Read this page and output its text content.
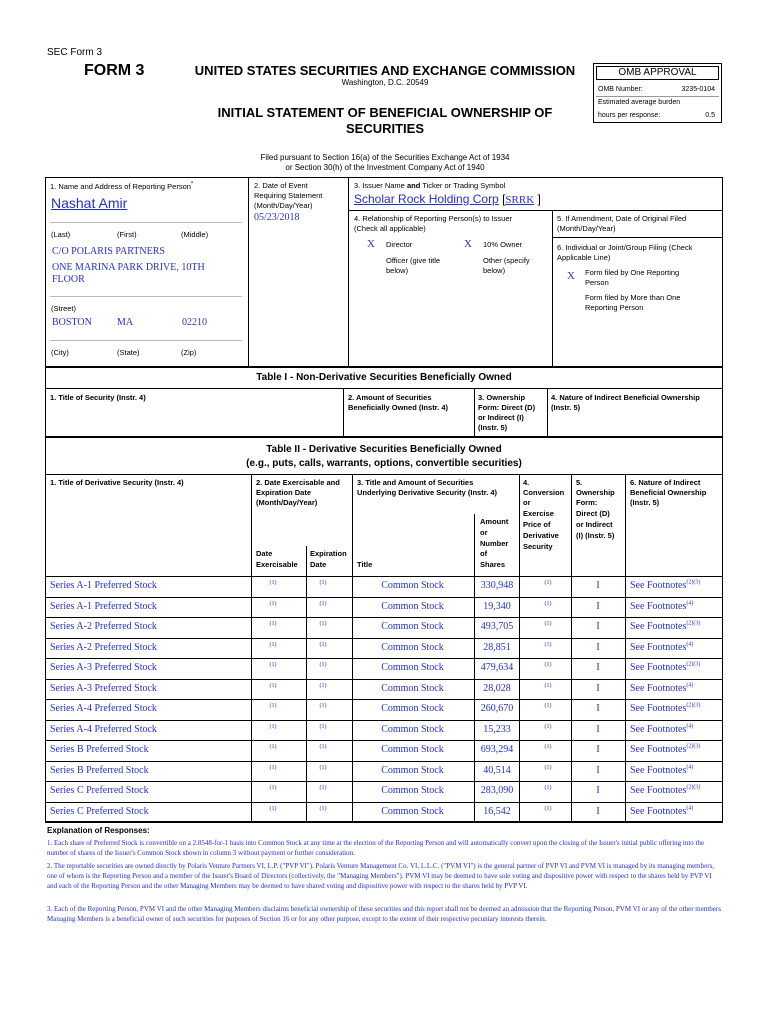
SEC Form 3
FORM 3	UNITED STATES SECURITIES AND EXCHANGE COMMISSION
Washington, D.C. 20549
INITIAL STATEMENT OF BENEFICIAL OWNERSHIP OF
SECURITIES
Filed pursuant to Section 16(a) of the Securities Exchange Act of 1934
or Section 30(h) of the Investment Company Act of 1940
OMB APPROVAL
OMB Number:	3235-0104
Estimated average burden
hours per response:	0.5
1. Name and Address of Reporting Person*
Nashat Amir
(Last)	(First)	(Middle)
C/O POLARIS PARTNERS
ONE MARINA PARK DRIVE, 10TH
FLOOR
(Street)
BOSTON	MA	02210
(City)	(State)	(Zip)
2. Date of Event
Requiring Statement
(Month/Day/Year)
05/23/2018
3. Issuer Name and Ticker or Trading Symbol
Scholar Rock Holding Corp [SRRK ]
4. Relationship of Reporting Person(s) to Issuer
(Check all applicable)
X Director	X 10% Owner
Officer (give title
below)
Other (specify
below)
5. If Amendment, Date of Original Filed
(Month/Day/Year)
6. Individual or Joint/Group Filing (Check
Applicable Line)
X Form filed by One Reporting
Person
Form filed by More than One
Reporting Person
Table I - Non-Derivative Securities Beneficially Owned
1. Title of Security (Instr. 4)	2. Amount of Securities
Beneficially Owned (Instr. 4)
3. Ownership
Form: Direct (D)
or Indirect (I)
(Instr. 5)
4. Nature of Indirect Beneficial Ownership
(Instr. 5)
Table II - Derivative Securities Beneficially Owned
(e.g., puts, calls, warrants, options, convertible securities)
1. Title of Derivative Security (Instr. 4)	2. Date Exercisable and
Expiration Date
(Month/Day/Year)
3. Title and Amount of Securities
Underlying Derivative Security (Instr. 4)
4.
Conversion
or
Exercise
Price of
Derivative
Security
5.
Ownership
Form:
Direct (D)
or Indirect
(I) (Instr. 5)
6. Nature of Indirect
Beneficial Ownership
(Instr. 5)
Date
Exercisable
Expiration
Date	Title
Amount
or
Number
of
Shares
Series A-1 Preferred Stock	(1)	(1)	Common Stock	330,948	(1)	I	See Footnotes$^{(2)(3)}$
Series A-1 Preferred Stock	(1)	(1)	Common Stock	19,340	(1)	I	See Footnotes$^{(4)}$
Series A-2 Preferred Stock	(1)	(1)	Common Stock	493,705	(1)	I	See Footnotes$^{(2)(3)}$
Series A-2 Preferred Stock	(1)	(1)	Common Stock	28,851	(1)	I	See Footnotes$^{(4)}$
Series A-3 Preferred Stock	(1)	(1)	Common Stock	479,634	(1)	I	See Footnotes$^{(2)(3)}$
Series A-3 Preferred Stock	(1)	(1)	Common Stock	28,028	(1)	I	See Footnotes$^{(4)}$
Series A-4 Preferred Stock	(1)	(1)	Common Stock	260,670	(1)	I	See Footnotes$^{(2)(3)}$
Series A-4 Preferred Stock	(1)	(1)	Common Stock	15,233	(1)	I	See Footnotes$^{(4)}$
Series B Preferred Stock	(1)	(1)	Common Stock	693,294	(1)	I	See Footnotes$^{(2)(3)}$
Series B Preferred Stock	(1)	(1)	Common Stock	40,514	(1)	I	See Footnotes$^{(4)}$
Series C Preferred Stock	(1)	(1)	Common Stock	283,090	(1)	I	See Footnotes$^{(2)(3)}$
Series C Preferred Stock	(1)	(1)	Common Stock	16,542	(1)	I	See Footnotes$^{(4)}$
Explanation of Responses:
1. Each share of Preferred Stock is convertible on a 2.8548-for-1 basis into Common Stock at any time at the election of the Reporting Person and will automatically convert upon the closing of the Issuer's initial public offering into the number of shares of the Issuer's Common Stock shown in column 3 without payment or further consideration.
2. The reportable securities are owned directly by Polaris Venture Partners VI, L.P. ("PVP VI"). Polaris Venture Management Co. VI, L.L.C. ("PVM VI") is the general partner of PVP VI and PVM VI is managed by its managing members, one of whom is the Reporting Person and a member of the Issuer's Board of Directors (collectively, the "Managing Members"). PVM VI may be deemed to have sole voting and dispositive power with respect to the shares held by PVP VI and each of the Reporting Person and the other Managing Members may be deemed to have shared voting and dispositive power with respect to the shares held by PVP VI.
3. Each of the Reporting Person, PVM VI and the other Managing Members disclaims beneficial ownership of these securities and this report shall not be deemed an admission that the Reporting Person, PVM VI or any of the other members Managing Members is a beneficial owner of such securities for purposes of Section 16 or for any other purpose, except to the extent of their respective pecuniary interests therein.
